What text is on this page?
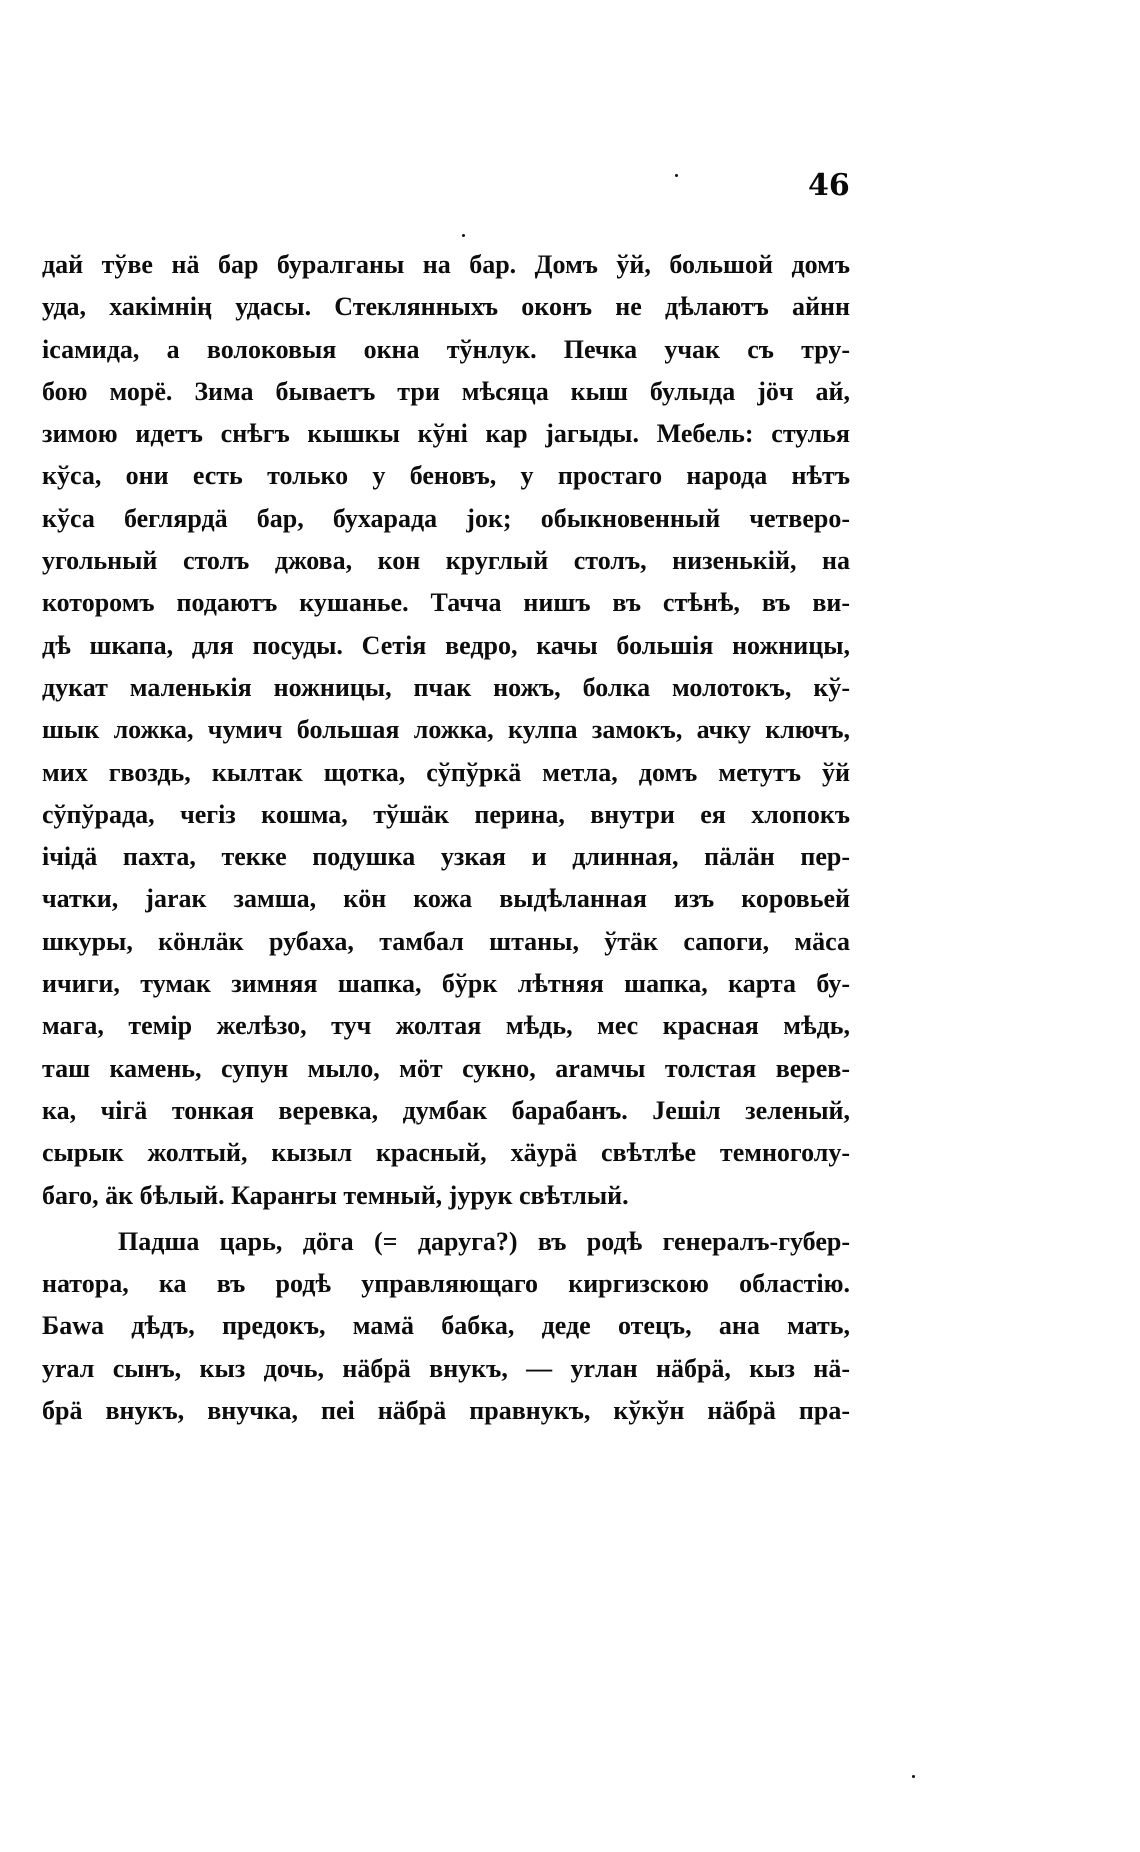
46
дай тўве нä бар буралганы на бар. Домъ ўй, большой домъ
уда, хакімнің удасы. Стеклянныхъ оконъ не дѣлаютъ айнн
ісамида, а волоковыя окна тўнлук. Печка учак съ тру-
бою морё. Зима бываетъ три мѣсяца кыш булыда јӧч ай,
зимою идетъ снѣгъ кышкы кўні кар јагыды. Мебель: стулья
кўса, они есть только у беновъ, у простаго народа нѣтъ
кўса беглярдä бар, бухарада јок; обыкновенный четверо-
угольный столъ джова, кон круглый столъ, низенькій, на
которомъ подаютъ кушанье. Тачча нишъ въ стѣнѣ, въ ви-
дѣ шкапа, для посуды. Сетія ведро, качы большія ножницы,
дукат маленькія ножницы, пчак ножъ, болка молотокъ, кў-
шык ложка, чумич большая ложка, кулпа замокъ, ачку ключъ,
мих гвоздь, кылтак щотка, сўпўркä метла, домъ метутъ ўй
сўпўрада, чегіз кошма, тўшäк перина, внутри ея хлопокъ
ічідä пахта, текке подушка узкая и длинная, пäлäн пер-
чатки, јаrак замша, кӧн кожа выдѣланная изъ коровьей
шкуры, кӧнлäк рубаха, тамбал штаны, ўтäк сапоги, мäса
ичиги, тумак зимняя шапка, бўрк лѣтняя шапка, карта бу-
мага, темір желѣзо, туч жолтая мѣдь, мес красная мѣдь,
таш камень, супун мыло, мӧт сукно, аrамчы толстая верев-
ка, чігä тонкая веревка, думбак барабанъ. Јешіл зеленый,
сырык жолтый, кызыл красный, хäурä свѣтлѣе темноголу-
баго, äк бѣлый. Каранrы темный, јурук свѣтлый.
Падша царь, дӧга (= даруга?) въ родѣ генералъ-губер-
натора, ка въ родѣ управляющаго киргизскою областію.
Баwа дѣдъ, предокъ, мамä бабка, деде отецъ, ана мать,
уrал сынъ, кыз дочь, нäбрä внукъ, — уrлан нäбрä, кыз нä-
брä внукъ, внучка, пеі нäбрä правнукъ, кўкўн нäбрä пра-
